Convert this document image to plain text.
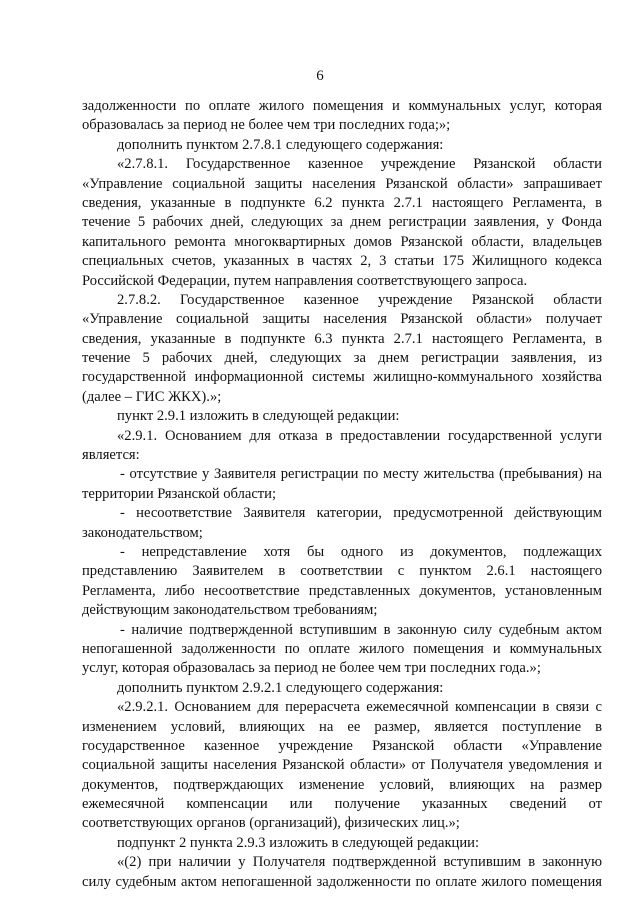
6
задолженности по оплате жилого помещения и коммунальных услуг, которая
образовалась за период не более чем три последних года;»;
дополнить пунктом 2.7.8.1 следующего содержания:
«2.7.8.1. Государственное казенное учреждение Рязанской области
«Управление социальной защиты населения Рязанской области» запрашивает
сведения, указанные в подпункте 6.2 пункта 2.7.1 настоящего Регламента, в
течение 5 рабочих дней, следующих за днем регистрации заявления, у Фонда
капитального ремонта многоквартирных домов Рязанской области, владельцев
специальных счетов, указанных в частях 2, 3 статьи 175 Жилищного кодекса
Российской Федерации, путем направления соответствующего запроса.
2.7.8.2. Государственное казенное учреждение Рязанской области
«Управление социальной защиты населения Рязанской области» получает
сведения, указанные в подпункте 6.3 пункта 2.7.1 настоящего Регламента, в
течение 5 рабочих дней, следующих за днем регистрации заявления, из
государственной информационной системы жилищно-коммунального хозяйства
(далее – ГИС ЖКХ).»;
пункт 2.9.1 изложить в следующей редакции:
«2.9.1. Основанием для отказа в предоставлении государственной услуги
является:
- отсутствие у Заявителя регистрации по месту жительства (пребывания) на
территории Рязанской области;
- несоответствие Заявителя категории, предусмотренной действующим
законодательством;
- непредставление хотя бы одного из документов, подлежащих
представлению Заявителем в соответствии с пунктом 2.6.1 настоящего
Регламента, либо несоответствие представленных документов, установленным
действующим законодательством требованиям;
- наличие подтвержденной вступившим в законную силу судебным актом
непогашенной задолженности по оплате жилого помещения и коммунальных
услуг, которая образовалась за период не более чем три последних года.»;
дополнить пунктом 2.9.2.1 следующего содержания:
«2.9.2.1. Основанием для перерасчета ежемесячной компенсации в связи с
изменением условий, влияющих на ее размер, является поступление в
государственное казенное учреждение Рязанской области «Управление
социальной защиты населения Рязанской области» от Получателя уведомления и
документов, подтверждающих изменение условий, влияющих на размер
ежемесячной компенсации или получение указанных сведений от
соответствующих органов (организаций), физических лиц.»;
подпункт 2 пункта 2.9.3 изложить в следующей редакции:
«(2) при наличии у Получателя подтвержденной вступившим в законную
силу судебным актом непогашенной задолженности по оплате жилого помещения
